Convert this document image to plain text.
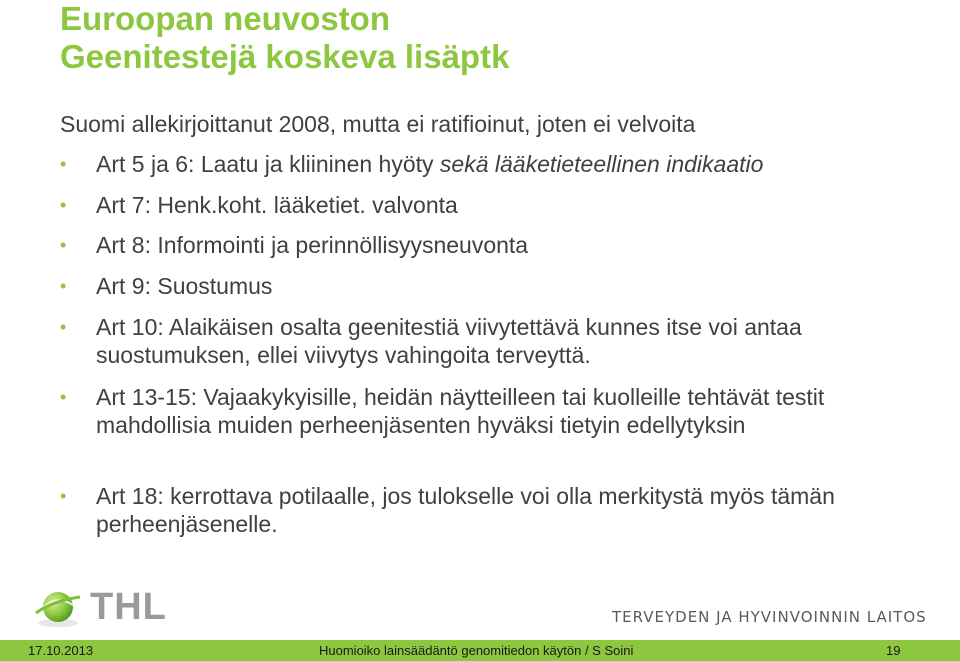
Euroopan neuvoston
Geenitestejä koskeva lisäptk
Suomi allekirjoittanut 2008, mutta ei ratifioinut, joten ei velvoita
•	Art 5 ja 6: Laatu ja kliininen hyöty sekä lääketieteellinen indikaatio
•	Art 7: Henk.koht. lääketiet. valvonta
•	Art 8: Informointi ja perinnöllisyysneuvonta
•	Art 9: Suostumus
•	Art 10: Alaikäisen osalta geenitestiä viivytettävä kunnes itse voi antaa suostumuksen, ellei viivytys vahingoita terveyttä.
•	Art 13-15: Vajaakykyisille, heidän näytteilleen tai kuolleille tehtävät testit mahdollisia muiden perheenjäsenten hyväksi tietyin edellytyksin
•	Art 18: kerrottava potilaalle, jos tulokselle voi olla merkitystä myös tämän perheenjäsenelle.
THL	TERVEYDEN JA HYVINVOINNIN LAITOS
17.10.2013	Huomioiko lainsäädäntö genomitiedon käytön / S Soini	19
